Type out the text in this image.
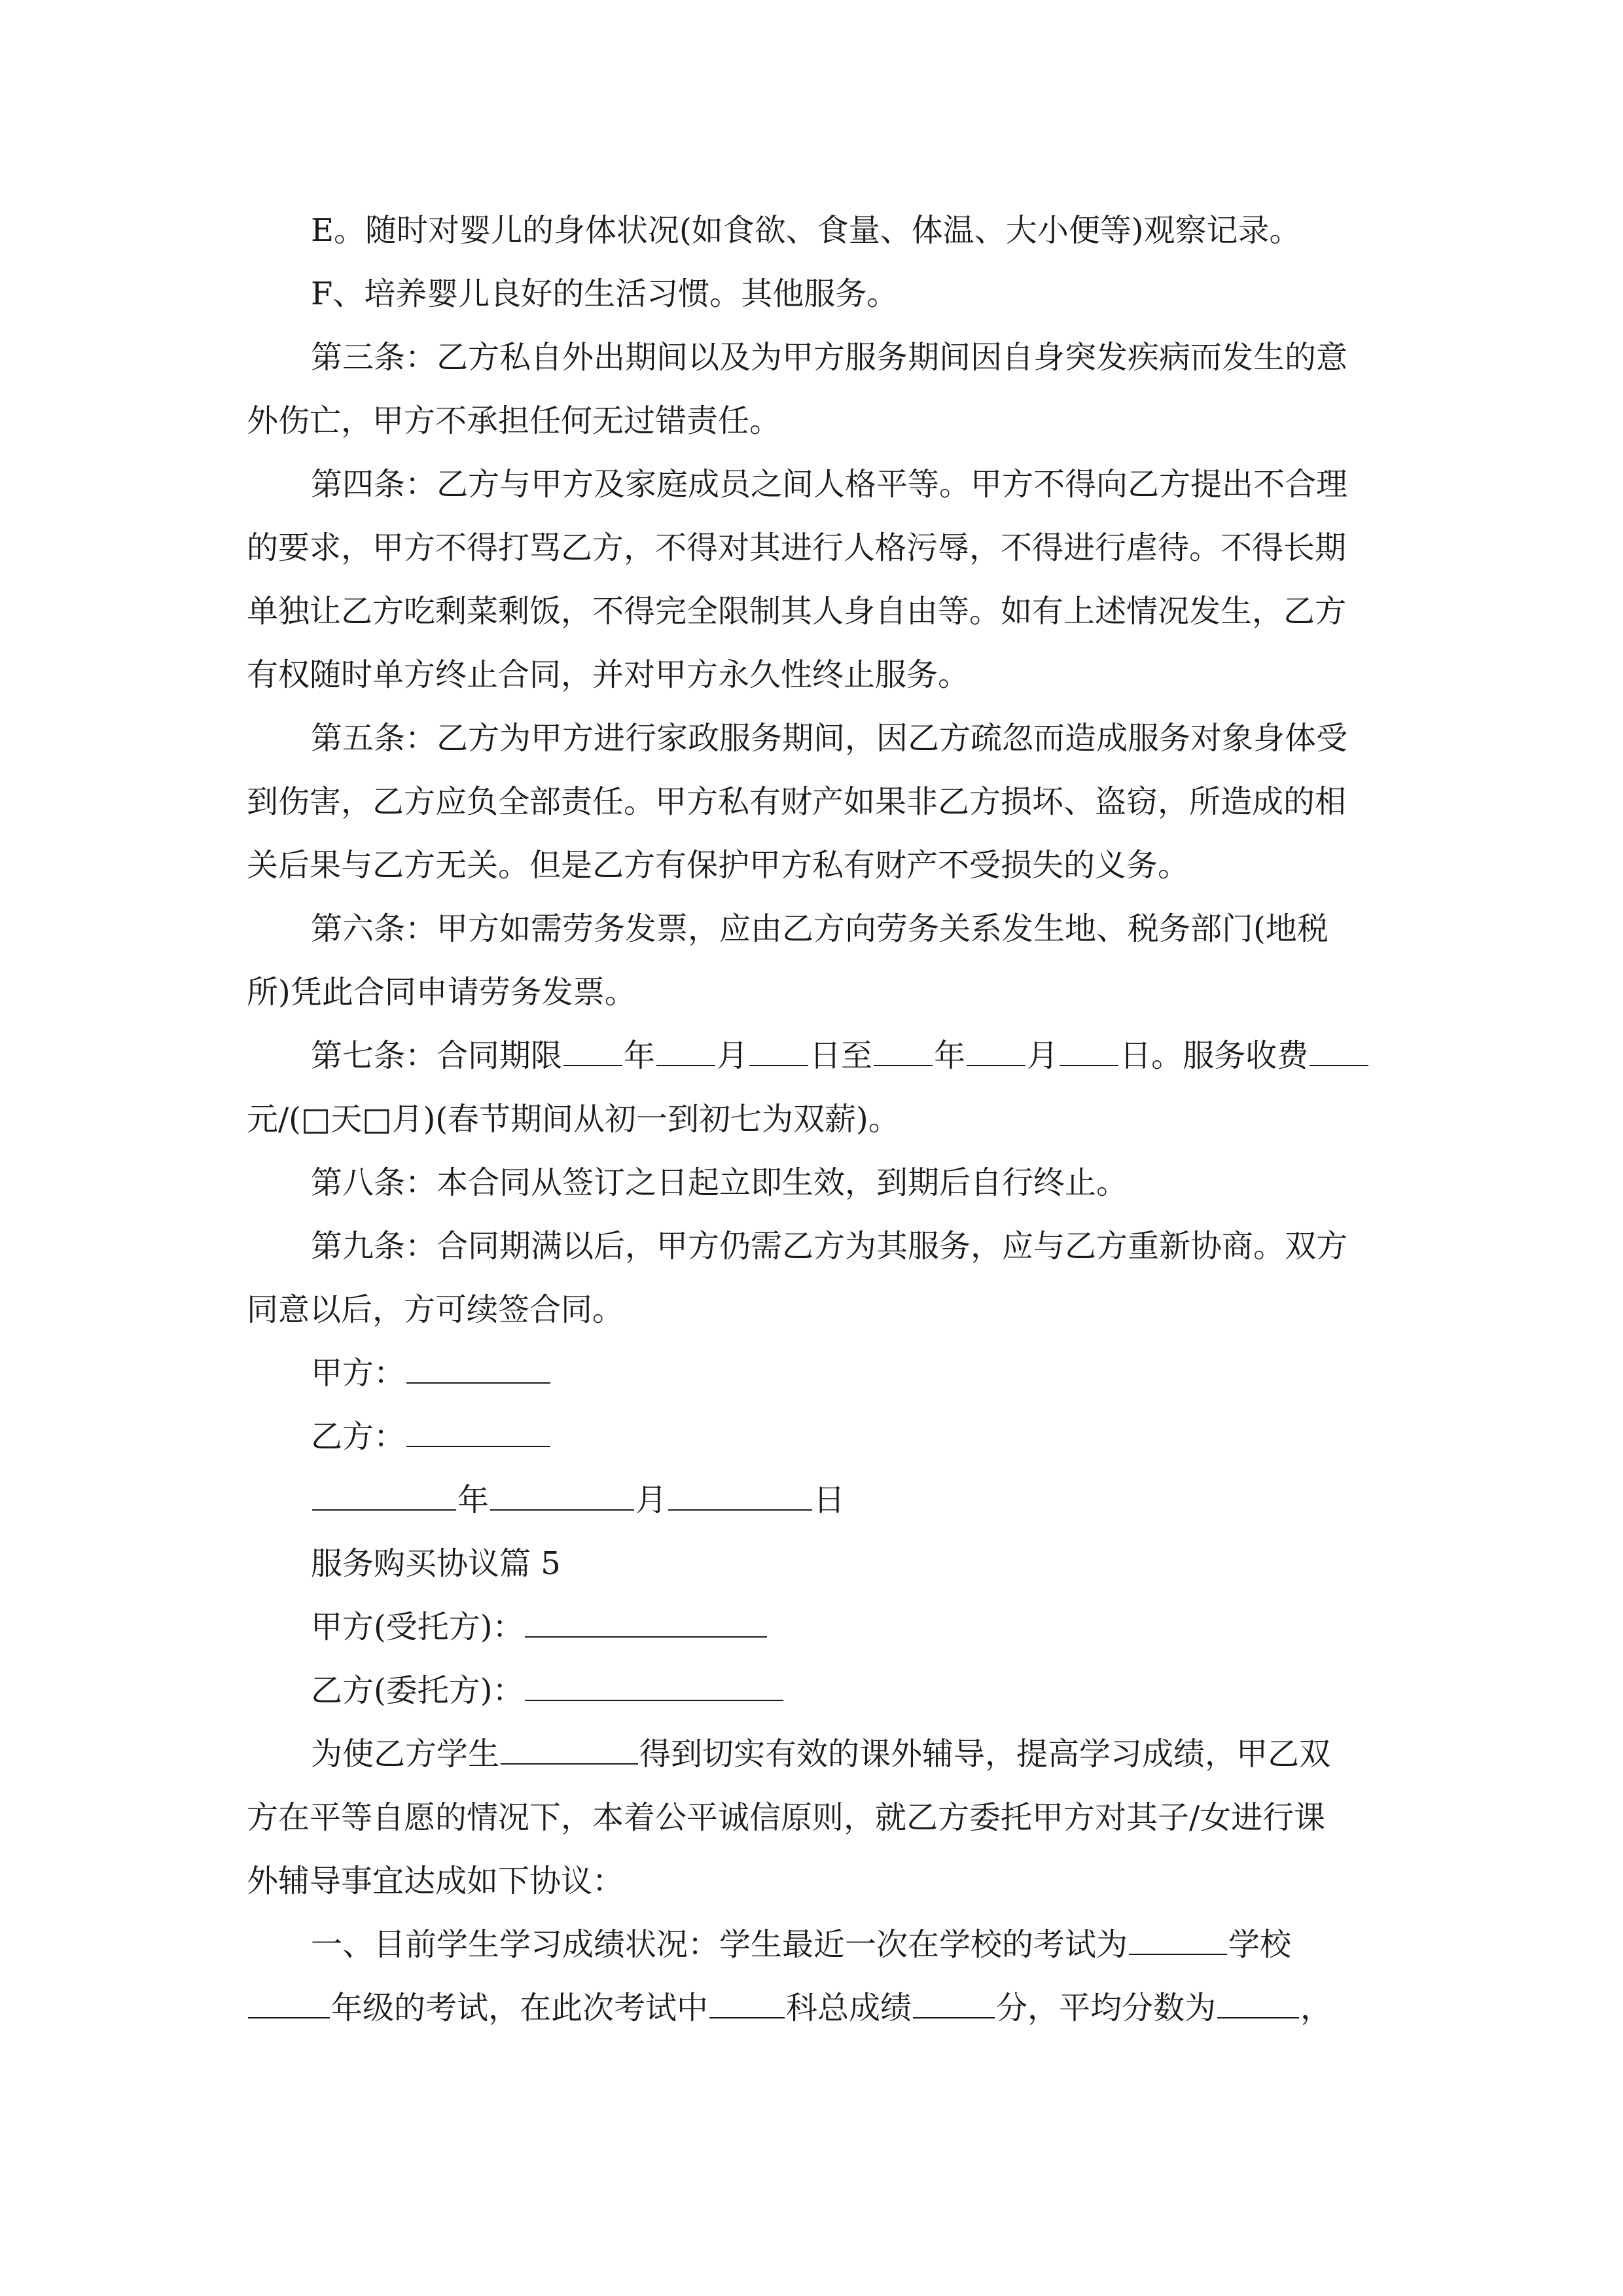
E。随时对婴儿的身体状况(如食欲、食量、体温、大小便等)观察记录。
F、培养婴儿良好的生活习惯。其他服务。
第三条：乙方私自外出期间以及为甲方服务期间因自身突发疾病而发生的意
外伤亡，甲方不承担任何无过错责任。
第四条：乙方与甲方及家庭成员之间人格平等。甲方不得向乙方提出不合理
的要求，甲方不得打骂乙方，不得对其进行人格污辱，不得进行虐待。不得长期
单独让乙方吃剩菜剩饭，不得完全限制其人身自由等。如有上述情况发生，乙方
有权随时单方终止合同，并对甲方永久性终止服务。
第五条：乙方为甲方进行家政服务期间，因乙方疏忽而造成服务对象身体受
到伤害，乙方应负全部责任。甲方私有财产如果非乙方损坏、盗窃，所造成的相
关后果与乙方无关。但是乙方有保护甲方私有财产不受损失的义务。
第六条：甲方如需劳务发票，应由乙方向劳务关系发生地、税务部门(地税
所)凭此合同申请劳务发票。
第七条：合同期限 年 月 日至 年 月 日。服务收费
元/(□天□月)(春节期间从初一到初七为双薪)。
第八条：本合同从签订之日起立即生效，到期后自行终止。
第九条：合同期满以后，甲方仍需乙方为其服务，应与乙方重新协商。双方
同意以后，方可续签合同。
甲方：
乙方：
年	月	日
服务购买协议篇 5
甲方(受托方)：
乙方(委托方)：
为使乙方学生	得到切实有效的课外辅导，提高学习成绩，甲乙双
方在平等自愿的情况下，本着公平诚信原则，就乙方委托甲方对其子/女进行课
外辅导事宜达成如下协议：
一、目前学生学习成绩状况：学生最近一次在学校的考试为	学校
年级的考试，在此次考试中 科总成绩	分，平均分数为	，
